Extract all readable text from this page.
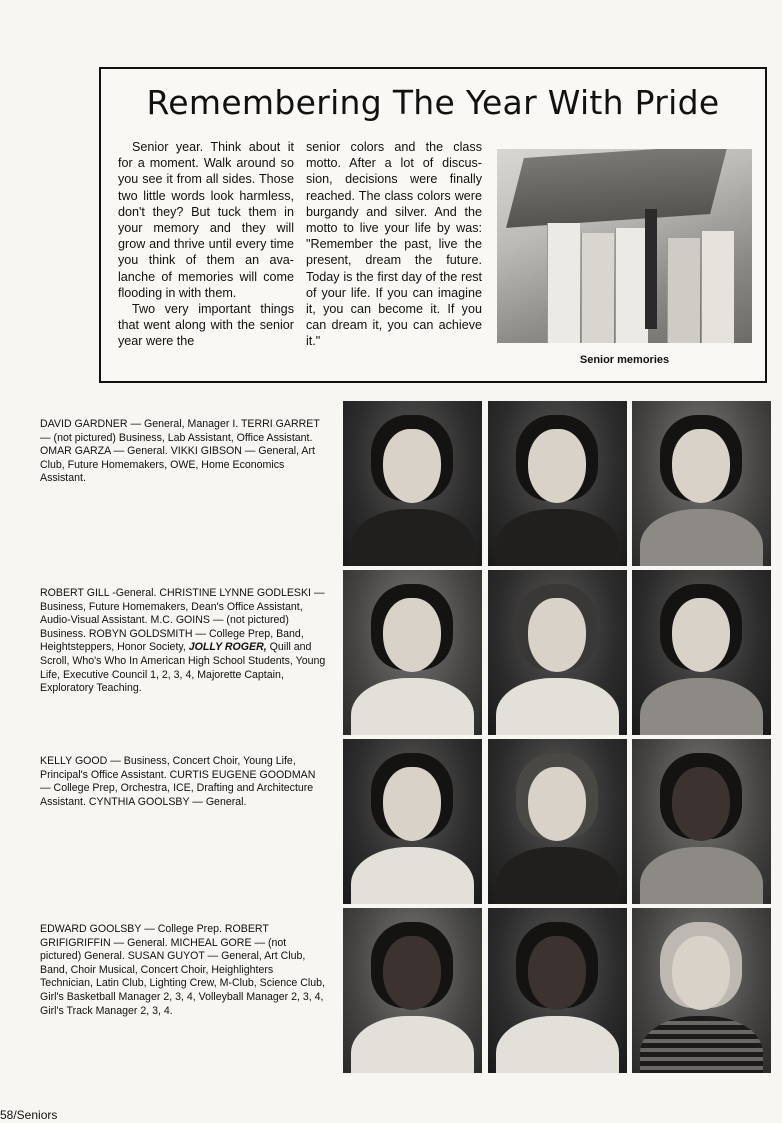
Remembering The Year With Pride

Senior year. Think about it for a moment. Walk around so you see it from all sides. Those two little words look harmless, don't they? But tuck them in your memory and they will grow and thrive until every time you think of them an ava- lanche of memories will come flooding in with them.

Two very important things that went along with the senior year were the

senior colors and the class motto. After a lot of discus- sion, decisions were finally reached. The class colors were burgandy and silver. And the motto to live your life by was: "Remember the past, live the present, dream the future. Today is the first day of the rest of your life. If you can imagine it, you can become it. If you can dream it, you can achieve it."

Senior memories
DAVID GARDNER — General, Manager I. TERRI GARRET — (not pictured) Business, Lab Assistant, Office Assistant. OMAR GARZA — General. VIKKI GIBSON — General, Art Club, Future Homemakers, OWE, Home Economics Assistant.
ROBERT GILL -General. CHRISTINE LYNNE GODLESKI — Business, Future Homemakers, Dean's Office Assistant, Audio-Visual Assistant. M.C. GOINS — (not pictured) Business. ROBYN GOLDSMITH — College Prep, Band, Heightsteppers, Honor Society, JOLLY ROGER, Quill and Scroll, Who's Who In American High School Students, Young Life, Executive Council 1, 2, 3, 4, Majorette Captain, Exploratory Teaching.
KELLY GOOD — Business, Concert Choir, Young Life, Principal's Office Assistant. CURTIS EUGENE GOODMAN — College Prep, Orchestra, ICE, Drafting and Architecture Assistant. CYNTHIA GOOLSBY — General.
EDWARD GOOLSBY — College Prep. ROBERT GRIFIGRIFFIN — General. MICHEAL GORE — (not pictured) General. SUSAN GUYOT — General, Art Club, Band, Choir Musical, Concert Choir, Heighlighters Technician, Latin Club, Lighting Crew, M-Club, Science Club, Girl's Basketball Manager 2, 3, 4, Volleyball Manager 2, 3, 4, Girl's Track Manager 2, 3, 4.
58/Seniors
